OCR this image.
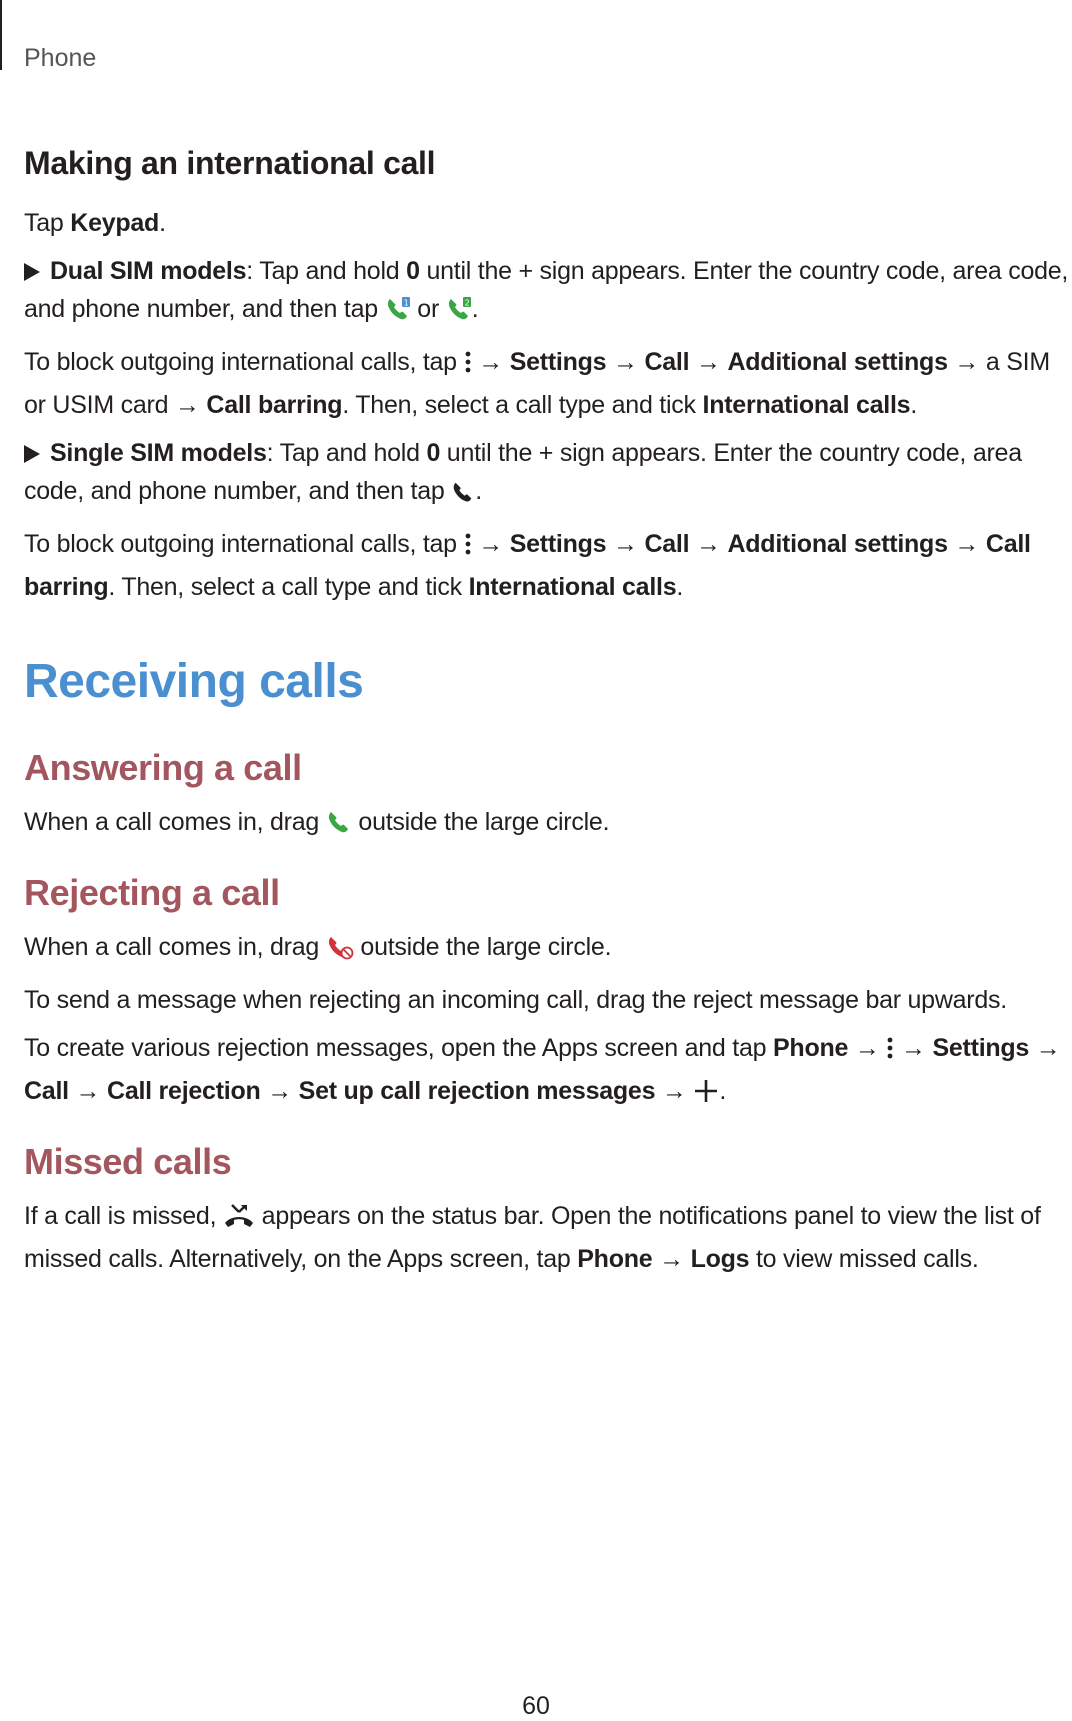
Phone
Making an international call

Tap Keypad.

Dual SIM models: Tap and hold 0 until the + sign appears. Enter the country code, area code, and phone number, and then tap 1 or 2 .

To block outgoing international calls, tap  → Settings → Call → Additional settings → a SIM or USIM card → Call barring. Then, select a call type and tick International calls.

Single SIM models: Tap and hold 0 until the + sign appears. Enter the country code, area code, and phone number, and then tap .

To block outgoing international calls, tap  → Settings → Call → Additional settings → Call barring. Then, select a call type and tick International calls.

Receiving calls
Answering a call

When a call comes in, drag  outside the large circle.

Rejecting a call

When a call comes in, drag  outside the large circle.

To send a message when rejecting an incoming call, drag the reject message bar upwards.

To create various rejection messages, open the Apps screen and tap Phone →  → Settings → Call → Call rejection → Set up call rejection messages → .

Missed calls

If a call is missed,  appears on the status bar. Open the notifications panel to view the list of missed calls. Alternatively, on the Apps screen, tap Phone → Logs to view missed calls.

60
